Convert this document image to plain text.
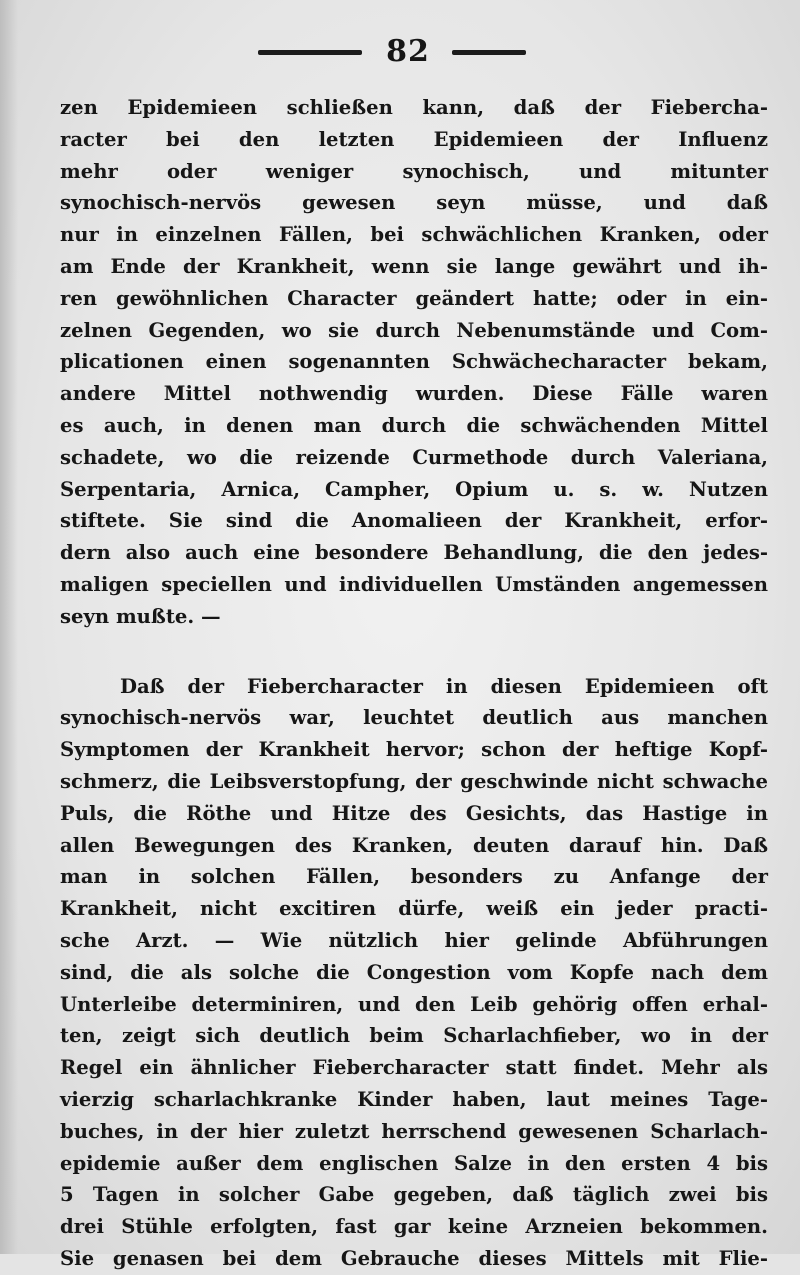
82
zen Epidemieen schließen kann, daß der Fiebercha-
racter bei den letzten Epidemieen der Influenz
mehr oder weniger synochisch, und mitunter
synochisch-nervös gewesen seyn müsse, und daß
nur in einzelnen Fällen, bei schwächlichen Kranken, oder
am Ende der Krankheit, wenn sie lange gewährt und ih-
ren gewöhnlichen Character geändert hatte; oder in ein-
zelnen Gegenden, wo sie durch Nebenumstände und Com-
plicationen einen sogenannten Schwächecharacter bekam,
andere Mittel nothwendig wurden. Diese Fälle waren
es auch, in denen man durch die schwächenden Mittel
schadete, wo die reizende Curmethode durch Valeriana,
Serpentaria, Arnica, Campher, Opium u. s. w. Nutzen
stiftete. Sie sind die Anomalieen der Krankheit, erfor-
dern also auch eine besondere Behandlung, die den jedes-
maligen speciellen und individuellen Umständen angemessen
seyn mußte. —
Daß der Fiebercharacter in diesen Epidemieen oft
synochisch-nervös war, leuchtet deutlich aus manchen
Symptomen der Krankheit hervor; schon der heftige Kopf-
schmerz, die Leibsverstopfung, der geschwinde nicht schwache
Puls, die Röthe und Hitze des Gesichts, das Hastige in
allen Bewegungen des Kranken, deuten darauf hin. Daß
man in solchen Fällen, besonders zu Anfange der
Krankheit, nicht excitiren dürfe, weiß ein jeder practi-
sche Arzt. — Wie nützlich hier gelinde Abführungen
sind, die als solche die Congestion vom Kopfe nach dem
Unterleibe determiniren, und den Leib gehörig offen erhal-
ten, zeigt sich deutlich beim Scharlachfieber, wo in der
Regel ein ähnlicher Fiebercharacter statt findet. Mehr als
vierzig scharlachkranke Kinder haben, laut meines Tage-
buches, in der hier zuletzt herrschend gewesenen Scharlach-
epidemie außer dem englischen Salze in den ersten 4 bis
5 Tagen in solcher Gabe gegeben, daß täglich zwei bis
drei Stühle erfolgten, fast gar keine Arzneien bekommen.
Sie genasen bei dem Gebrauche dieses Mittels mit Flie-
